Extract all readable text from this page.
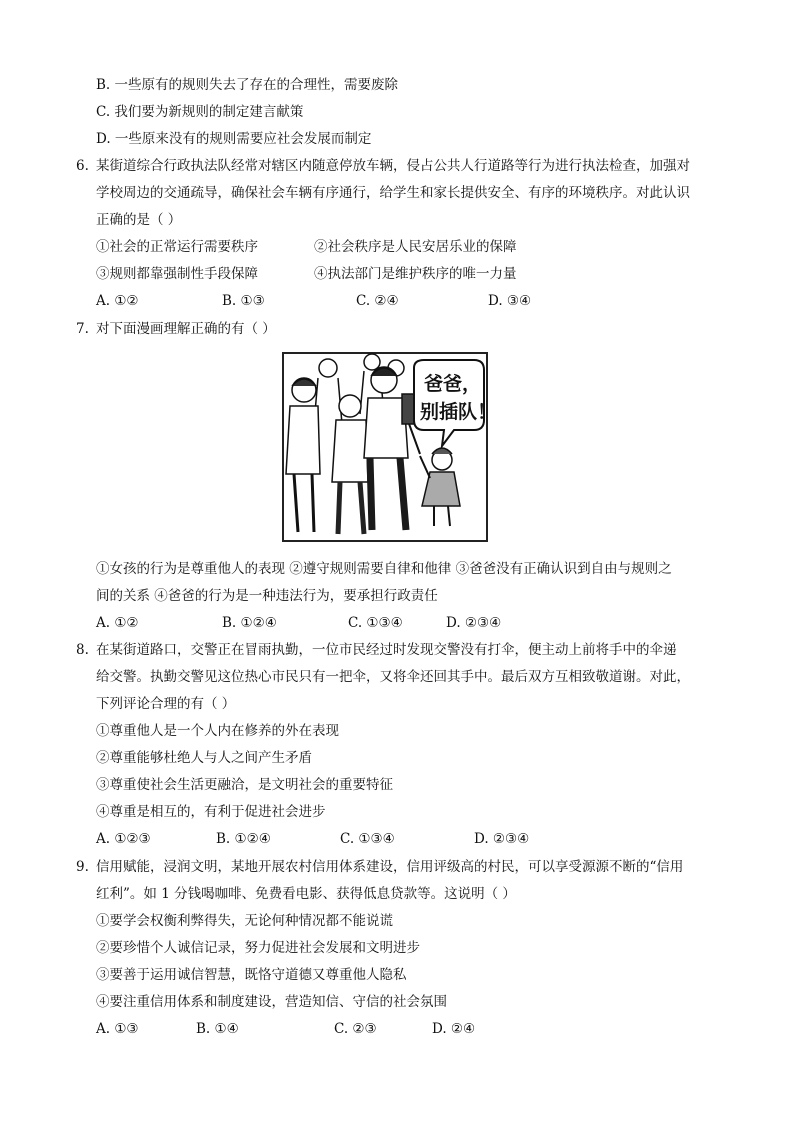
B. 一些原有的规则失去了存在的合理性，需要废除
C. 我们要为新规则的制定建言献策
D. 一些原来没有的规则需要应社会发展而制定
6. 某街道综合行政执法队经常对辖区内随意停放车辆，侵占公共人行道路等行为进行执法检查，加强对
学校周边的交通疏导，确保社会车辆有序通行，给学生和家长提供安全、有序的环境秩序。对此认识
正确的是（ ）
①社会的正常运行需要秩序	②社会秩序是人民安居乐业的保障
③规则都靠强制性手段保障	④执法部门是维护秩序的唯一力量
A. ①②	B. ①③	C. ②④	D. ③④
7. 对下面漫画理解正确的有（ ）
爸爸，
别插队！
①女孩的行为是尊重他人的表现 ②遵守规则需要自律和他律 ③爸爸没有正确认识到自由与规则之
间的关系 ④爸爸的行为是一种违法行为，要承担行政责任
A. ①②	B. ①②④	C. ①③④	D. ②③④
8. 在某街道路口，交警正在冒雨执勤，一位市民经过时发现交警没有打伞，便主动上前将手中的伞递
给交警。执勤交警见这位热心市民只有一把伞，又将伞还回其手中。最后双方互相致敬道谢。对此，
下列评论合理的有（ ）
①尊重他人是一个人内在修养的外在表现
②尊重能够杜绝人与人之间产生矛盾
③尊重使社会生活更融洽，是文明社会的重要特征
④尊重是相互的，有利于促进社会进步
A. ①②③	B. ①②④	C. ①③④	D. ②③④
9. 信用赋能，浸润文明，某地开展农村信用体系建设，信用评级高的村民，可以享受源源不断的“信用
红利”。如 1 分钱喝咖啡、免费看电影、获得低息贷款等。这说明（ ）
①要学会权衡利弊得失，无论何种情况都不能说谎
②要珍惜个人诚信记录，努力促进社会发展和文明进步
③要善于运用诚信智慧，既恪守道德又尊重他人隐私
④要注重信用体系和制度建设，营造知信、守信的社会氛围
A. ①③	B. ①④	C. ②③	D. ②④
